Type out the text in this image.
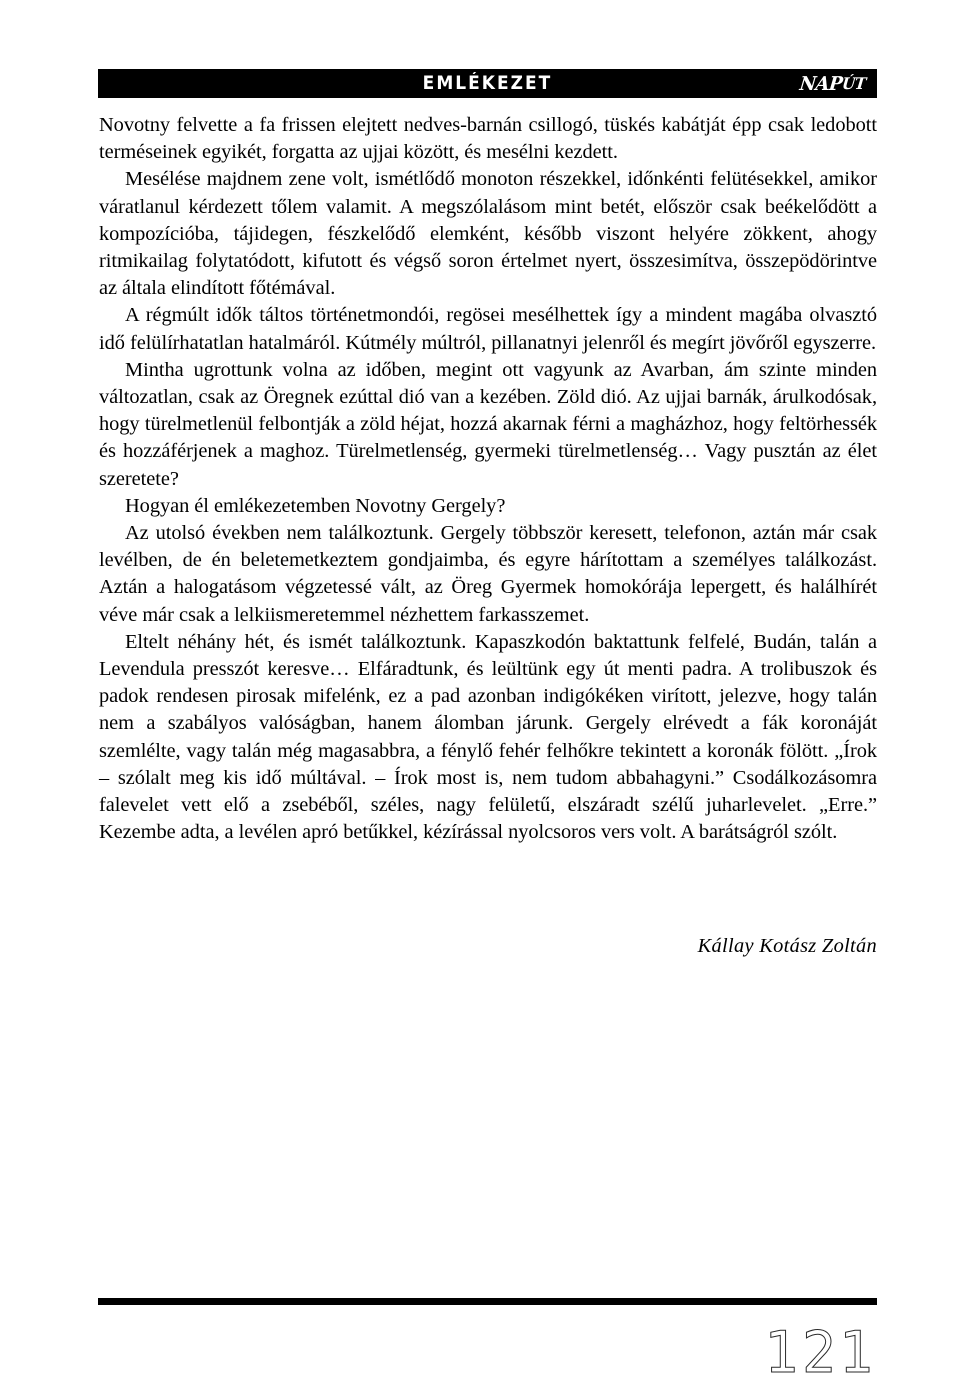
EMLÉKEZET	NAPÚT

Novotny felvette a fa frissen elejtett nedves-barnán csillogó, tüskés kabátját épp csak ledobott terméseinek egyikét, forgatta az ujjai között, és mesélni kezdett.

Mesélése majdnem zene volt, ismétlődő monoton részekkel, időnkénti felütésekkel, amikor váratlanul kérdezett tőlem valamit. A megszólalásom mint betét, először csak beékelődött a kompozícióba, tájidegen, fészkelődő elemként, később viszont helyére zökkent, ahogy ritmikailag folytatódott, kifutott és végső soron értelmet nyert, összesimítva, összepödörintve az általa elindított főtémával.

A régmúlt idők táltos történetmondói, regösei mesélhettek így a mindent magába olvasztó idő felülírhatatlan hatalmáról. Kútmély múltról, pillanatnyi jelenről és megírt jövőről egyszerre.

Mintha ugrottunk volna az időben, megint ott vagyunk az Avarban, ám szinte minden változatlan, csak az Öregnek ezúttal dió van a kezében. Zöld dió. Az ujjai barnák, árulkodósak, hogy türelmetlenül felbontják a zöld héjat, hozzá akarnak férni a magházhoz, hogy feltörhessék és hozzáférjenek a maghoz. Türelmetlenség, gyermeki türelmetlenség… Vagy pusztán az élet szeretete?

Hogyan él emlékezetemben Novotny Gergely?

Az utolsó években nem találkoztunk. Gergely többször keresett, telefonon, aztán már csak levélben, de én beletemetkeztem gondjaimba, és egyre hárítottam a személyes találkozást. Aztán a halogatásom végzetessé vált, az Öreg Gyermek homokórája lepergett, és halálhírét véve már csak a lelkiismeretemmel nézhettem farkasszemet.

Eltelt néhány hét, és ismét találkoztunk. Kapaszkodón baktattunk felfelé, Budán, talán a Levendula presszót keresve… Elfáradtunk, és leültünk egy út menti padra. A trolibuszok és padok rendesen pirosak mifelénk, ez a pad azonban indigókéken virított, jelezve, hogy talán nem a szabályos valóságban, hanem álomban járunk. Gergely elrévedt a fák koronáját szemlélte, vagy talán még magasabbra, a fénylő fehér felhőkre tekintett a koronák fölött. „Írok – szólalt meg kis idő múltával. – Írok most is, nem tudom abbahagyni.” Csodálkozásomra falevelet vett elő a zsebéből, széles, nagy felületű, elszáradt szélű juharlevelet. „Erre.” Kezembe adta, a levélen apró betűkkel, kézírással nyolcsoros vers volt. A barátságról szólt.

Kállay Kotász Zoltán
121
